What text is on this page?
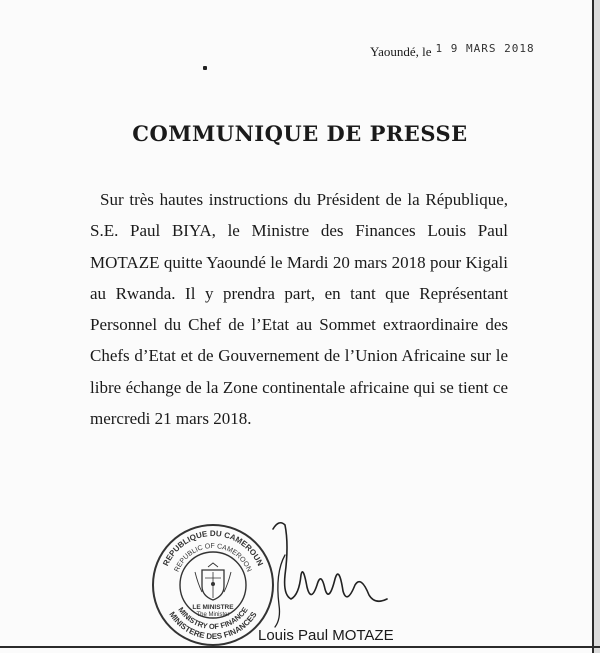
Yaoundé, le $^{1 9 MARS 2018}$
COMMUNIQUE DE PRESSE

Sur très hautes instructions du Président de la République, S.E. Paul BIYA, le Ministre des Finances Louis Paul MOTAZE quitte Yaoundé le Mardi 20 mars 2018 pour Kigali au Rwanda. Il y prendra part, en tant que Représentant Personnel du Chef de l’Etat au Sommet extraordinaire des Chefs d’Etat et de Gouvernement de l’Union Africaine sur le libre échange de la Zone continentale africaine qui se tient ce mercredi 21 mars 2018.

REPUBLIQUE DU CAMEROUN
REPUBLIC OF CAMEROON
MINISTRY OF FINANCE
MINISTERE DES FINANCES
LE MINISTRE
The Minister
Louis Paul MOTAZE
